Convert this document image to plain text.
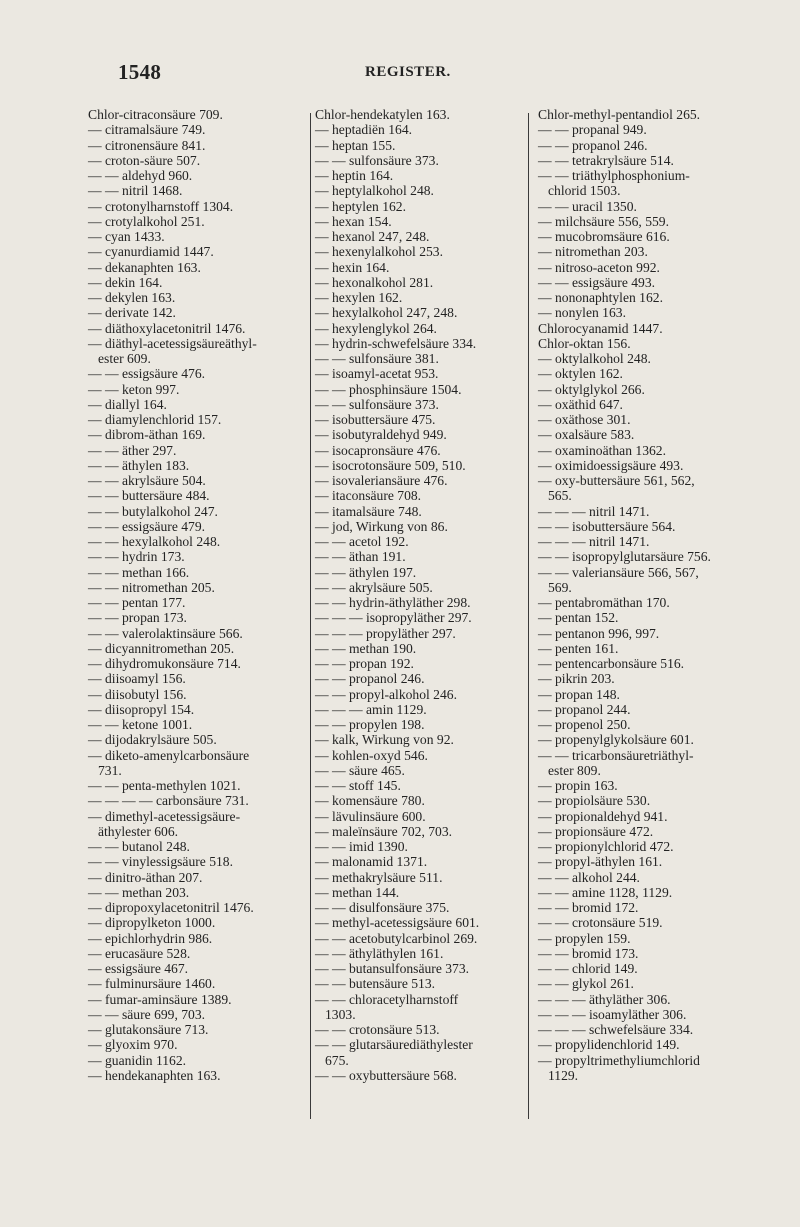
1548	REGISTER.
Chlor-citraconsäure 709.
— citramalsäure 749.
— citronensäure 841.
— croton-säure 507.
— — aldehyd 960.
— — nitril 1468.
— crotonylharnstoff 1304.
— crotylalkohol 251.
— cyan 1433.
— cyanurdiamid 1447.
— dekanaphten 163.
— dekin 164.
— dekylen 163.
— derivate 142.
— diäthoxylacetonitril 1476.
— diäthyl-acetessigsäureäthyl-
ester 609.
— — essigsäure 476.
— — keton 997.
— diallyl 164.
— diamylenchlorid 157.
— dibrom-äthan 169.
— — äther 297.
— — äthylen 183.
— — akrylsäure 504.
— — buttersäure 484.
— — butylalkohol 247.
— — essigsäure 479.
— — hexylalkohol 248.
— — hydrin 173.
— — methan 166.
— — nitromethan 205.
— — pentan 177.
— — propan 173.
— — valerolaktinsäure 566.
— dicyannitromethan 205.
— dihydromukonsäure 714.
— diisoamyl 156.
— diisobutyl 156.
— diisopropyl 154.
— — ketone 1001.
— dijodakrylsäure 505.
— diketo-amenylcarbonsäure
731.
— — penta-methylen 1021.
— — — — carbonsäure 731.
— dimethyl-acetessigsäure-
äthylester 606.
— — butanol 248.
— — vinylessigsäure 518.
— dinitro-äthan 207.
— — methan 203.
— dipropoxylacetonitril 1476.
— dipropylketon 1000.
— epichlorhydrin 986.
— erucasäure 528.
— essigsäure 467.
— fulminursäure 1460.
— fumar-aminsäure 1389.
— — säure 699, 703.
— glutakonsäure 713.
— glyoxim 970.
— guanidin 1162.
— hendekanaphten 163.
Chlor-hendekatylen 163.
— heptadiën 164.
— heptan 155.
— — sulfonsäure 373.
— heptin 164.
— heptylalkohol 248.
— heptylen 162.
— hexan 154.
— hexanol 247, 248.
— hexenylalkohol 253.
— hexin 164.
— hexonalkohol 281.
— hexylen 162.
— hexylalkohol 247, 248.
— hexylenglykol 264.
— hydrin-schwefelsäure 334.
— — sulfonsäure 381.
— isoamyl-acetat 953.
— — phosphinsäure 1504.
— — sulfonsäure 373.
— isobuttersäure 475.
— isobutyraldehyd 949.
— isocapronsäure 476.
— isocrotonsäure 509, 510.
— isovaleriansäure 476.
— itaconsäure 708.
— itamalsäure 748.
— jod, Wirkung von 86.
— — acetol 192.
— — äthan 191.
— — äthylen 197.
— — akrylsäure 505.
— — hydrin-äthyläther 298.
— — — isopropyläther 297.
— — — propyläther 297.
— — methan 190.
— — propan 192.
— — propanol 246.
— — propyl-alkohol 246.
— — — amin 1129.
— — propylen 198.
— kalk, Wirkung von 92.
— kohlen-oxyd 546.
— — säure 465.
— — stoff 145.
— komensäure 780.
— lävulinsäure 600.
— maleïnsäure 702, 703.
— — imid 1390.
— malonamid 1371.
— methakrylsäure 511.
— methan 144.
— — disulfonsäure 375.
— methyl-acetessigsäure 601.
— — acetobutylcarbinol 269.
— — äthyläthylen 161.
— — butansulfonsäure 373.
— — butensäure 513.
— — chloracetylharnstoff
1303.
— — crotonsäure 513.
— — glutarsäurediäthylester
675.
— — oxybuttersäure 568.
Chlor-methyl-pentandiol 265.
— — propanal 949.
— — propanol 246.
— — tetrakrylsäure 514.
— — triäthylphosphonium-
chlorid 1503.
— — uracil 1350.
— milchsäure 556, 559.
— mucobromsäure 616.
— nitromethan 203.
— nitroso-aceton 992.
— — essigsäure 493.
— nononaphtylen 162.
— nonylen 163.
Chlorocyanamid 1447.
Chlor-oktan 156.
— oktylalkohol 248.
— oktylen 162.
— oktylglykol 266.
— oxäthid 647.
— oxäthose 301.
— oxalsäure 583.
— oxaminoäthan 1362.
— oximidoessigsäure 493.
— oxy-buttersäure 561, 562,
565.
— — — nitril 1471.
— — isobuttersäure 564.
— — — nitril 1471.
— — isopropylglutarsäure 756.
— — valeriansäure 566, 567,
569.
— pentabromäthan 170.
— pentan 152.
— pentanon 996, 997.
— penten 161.
— pentencarbonsäure 516.
— pikrin 203.
— propan 148.
— propanol 244.
— propenol 250.
— propenylglykolsäure 601.
— — tricarbonsäuretriäthyl-
ester 809.
— propin 163.
— propiolsäure 530.
— propionaldehyd 941.
— propionsäure 472.
— propionylchlorid 472.
— propyl-äthylen 161.
— — alkohol 244.
— — amine 1128, 1129.
— — bromid 172.
— — crotonsäure 519.
— propylen 159.
— — bromid 173.
— — chlorid 149.
— — glykol 261.
— — — äthyläther 306.
— — — isoamyläther 306.
— — — schwefelsäure 334.
— propylidenchlorid 149.
— propyltrimethyliumchlorid
1129.
